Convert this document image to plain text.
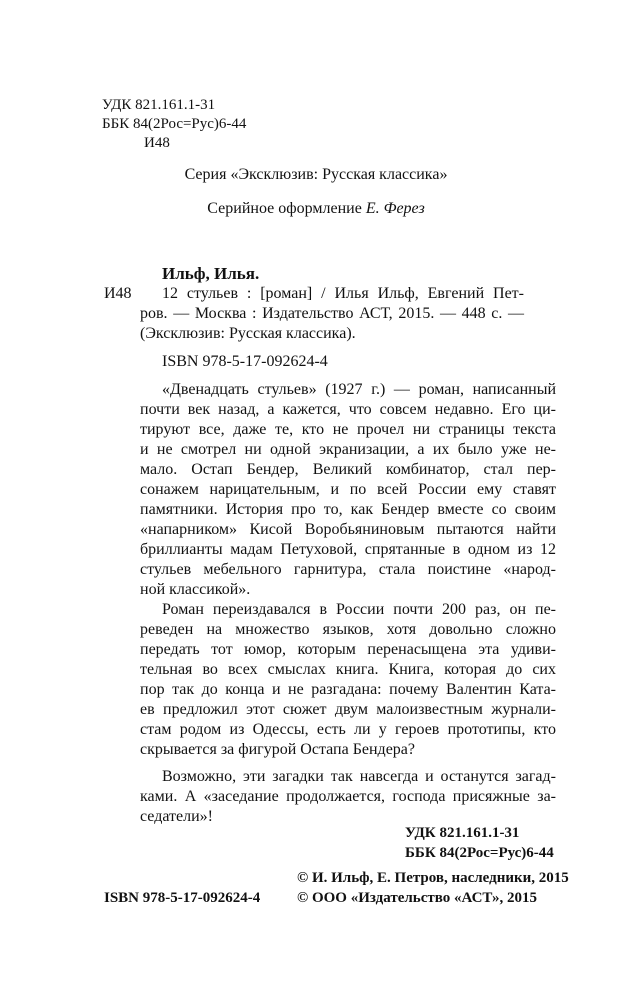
УДК 821.161.1-31
ББК 84(2Рос=Рус)6-44
И48
Серия «Эксклюзив: Русская классика»
Серийное оформление Е. Ферез
Ильф, Илья.
И48 12 стульев : [роман] / Илья Ильф, Евгений Пет-
ров. — Москва : Издательство АСТ, 2015. — 448 с. —
(Эксклюзив: Русская классика).
ISBN 978-5-17-092624-4
«Двенадцать стульев» (1927 г.) — роман, написанный
почти век назад, а кажется, что совсем недавно. Его ци-
тируют все, даже те, кто не прочел ни страницы текста
и не смотрел ни одной экранизации, а их было уже не-
мало. Остап Бендер, Великий комбинатор, стал пер-
сонажем нарицательным, и по всей России ему ставят
памятники. История про то, как Бендер вместе со своим
«напарником» Кисой Воробьяниновым пытаются найти
бриллианты мадам Петуховой, спрятанные в одном из 12
стульев мебельного гарнитура, стала поистине «народ-
ной классикой».
Роман переиздавался в России почти 200 раз, он пе-
реведен на множество языков, хотя довольно сложно
передать тот юмор, которым перенасыщена эта удиви-
тельная во всех смыслах книга. Книга, которая до сих
пор так до конца и не разгадана: почему Валентин Ката-
ев предложил этот сюжет двум малоизвестным журнали-
стам родом из Одессы, есть ли у героев прототипы, кто
скрывается за фигурой Остапа Бендера?
Возможно, эти загадки так навсегда и останутся загад-
ками. А «заседание продолжается, господа присяжные за-
седатели»!
УДК 821.161.1-31
ББК 84(2Рос=Рус)6-44
ISBN 978-5-17-092624-4
© И. Ильф, Е. Петров, наследники, 2015
© ООО «Издательство «АСТ», 2015
